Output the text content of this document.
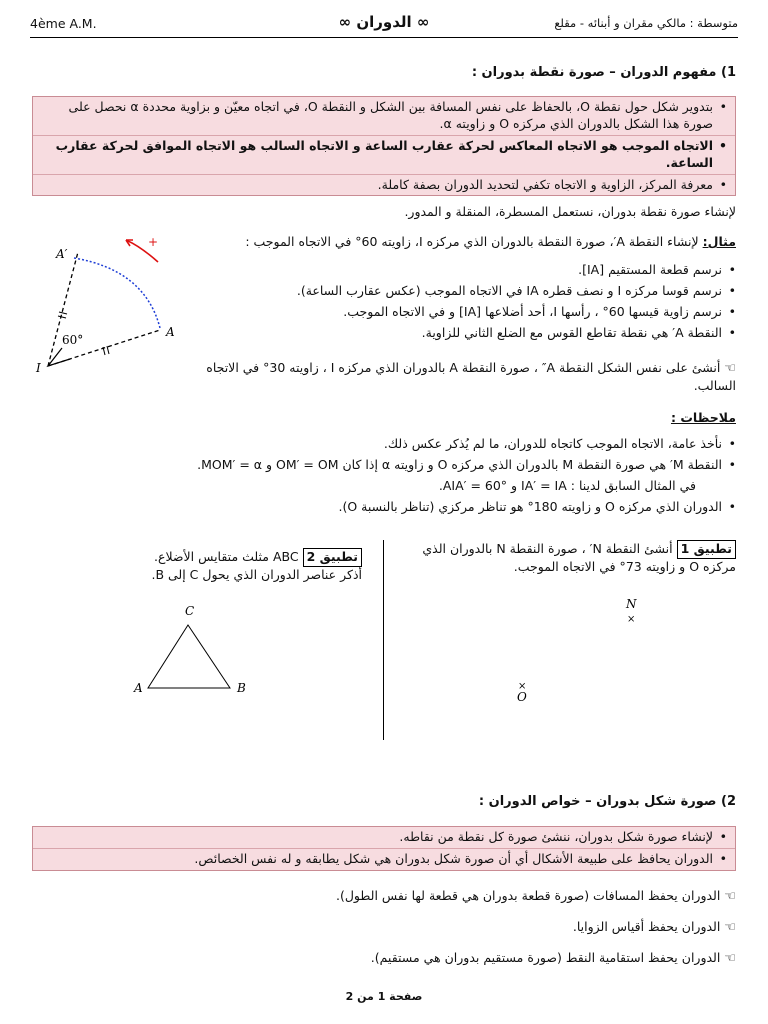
4ème A.M.	∞ الدوران ∞	متوسطة : مالكي مقران و أبنائه - مقلع
1) مفهوم الدوران – صورة نقطة بدوران :
•
بتدوير شكل حول نقطة O، بالحفاظ على نفس المسافة بين الشكل و النقطة O، في اتجاه معيّن و بزاوية محددة α نحصل على صورة هذا الشكل بالدوران الذي مركزه O و زاويته α.
•
الاتجاه الموجب هو الاتجاه المعاكس لحركة عقارب الساعة و الاتجاه السالب هو الاتجاه الموافق لحركة عقارب الساعة.
•
معرفة المركز، الزاوية و الاتجاه تكفي لتحديد الدوران بصفة كاملة.
لإنشاء صورة نقطة بدوران، نستعمل المسطرة، المنقلة و المدور.
مثال: لإنشاء النقطة A′، صورة النقطة بالدوران الذي مركزه I، زاويته 60° في الاتجاه الموجب :
•
نرسم قطعة المستقيم [IA].
•
نرسم قوسا مركزه I و نصف قطره IA في الاتجاه الموجب (عكس عقارب الساعة).
•
نرسم زاوية قيسها 60° ، رأسها I، أحد أضلاعها [IA] و في الاتجاه الموجب.
•
النقطة A′ هي نقطة تقاطع القوس مع الضلع الثاني للزاوية.
☜أنشئ على نفس الشكل النقطة A″ ، صورة النقطة A بالدوران الذي مركزه I ، زاويته 30° في الاتجاه السالب.
+
A′
A
I
60°
ملاحظات :
•
نأخذ عامة، الاتجاه الموجب كاتجاه للدوران، ما لم يُذكر عكس ذلك.
•
النقطة M′ هي صورة النقطة M بالدوران الذي مركزه O و زاويته α إذا كان OM′ = OM و MOM′ = α.
في المثال السابق لدينا : IA′ = IA و AIA′ = 60°.
•
الدوران الذي مركزه O و زاويته 180° هو تناظر مركزي (تناظر بالنسبة O).
تطبيق 1 أنشئ النقطة N′ ، صورة النقطة N بالدوران الذي مركزه O و زاويته 73° في الاتجاه الموجب.
تطبيق 2 ABC مثلث متقايس الأضلاع.
أذكر عناصر الدوران الذي يحول C إلى B.
N
×
×
O
C
A	B
2) صورة شكل بدوران – خواص الدوران :
•
لإنشاء صورة شكل بدوران، ننشئ صورة كل نقطة من نقاطه.
•
الدوران يحافظ على طبيعة الأشكال أي أن صورة شكل بدوران هي شكل يطابقه و له نفس الخصائص.
☜الدوران يحفظ المسافات (صورة قطعة بدوران هي قطعة لها نفس الطول).
☜الدوران يحفظ أقياس الزوايا.
☜الدوران يحفظ استقامية النقط (صورة مستقيم بدوران هي مستقيم).
صفحة 1 من 2
